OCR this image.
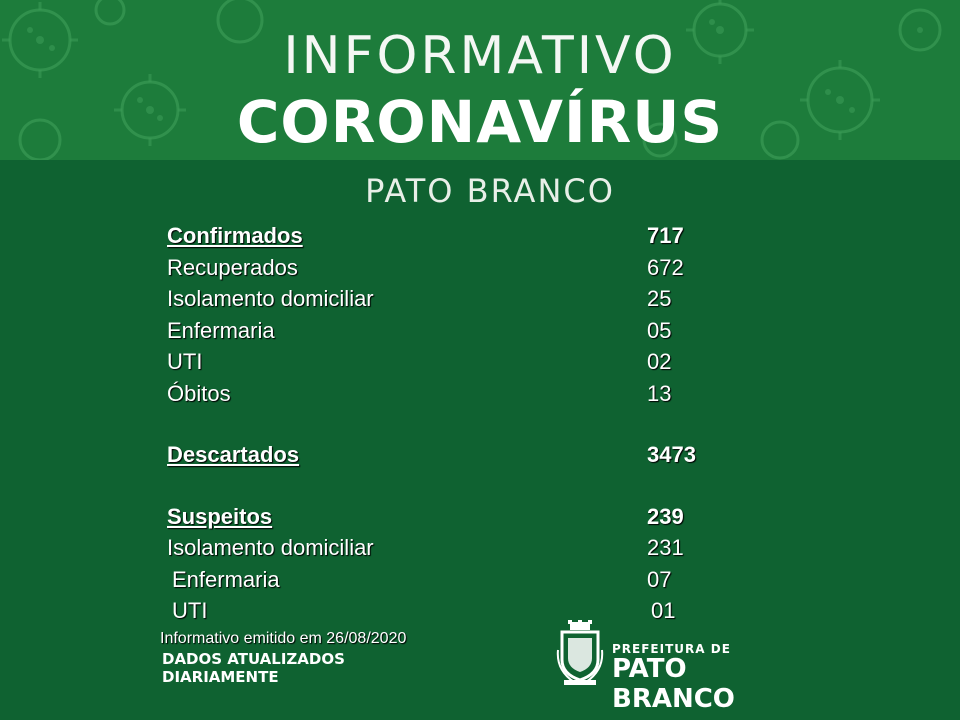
INFORMATIVO
CORONAVÍRUS
PATO BRANCO
Confirmados	717
Recuperados	672
Isolamento domiciliar	25
Enfermaria	05
UTI	02
Óbitos	13
Descartados	3473
Suspeitos	239
Isolamento domiciliar	231
Enfermaria	07
UTI	01
Informativo emitido em 26/08/2020
DADOS ATUALIZADOS
DIARIAMENTE
PREFEITURA DE
PATO BRANCO
